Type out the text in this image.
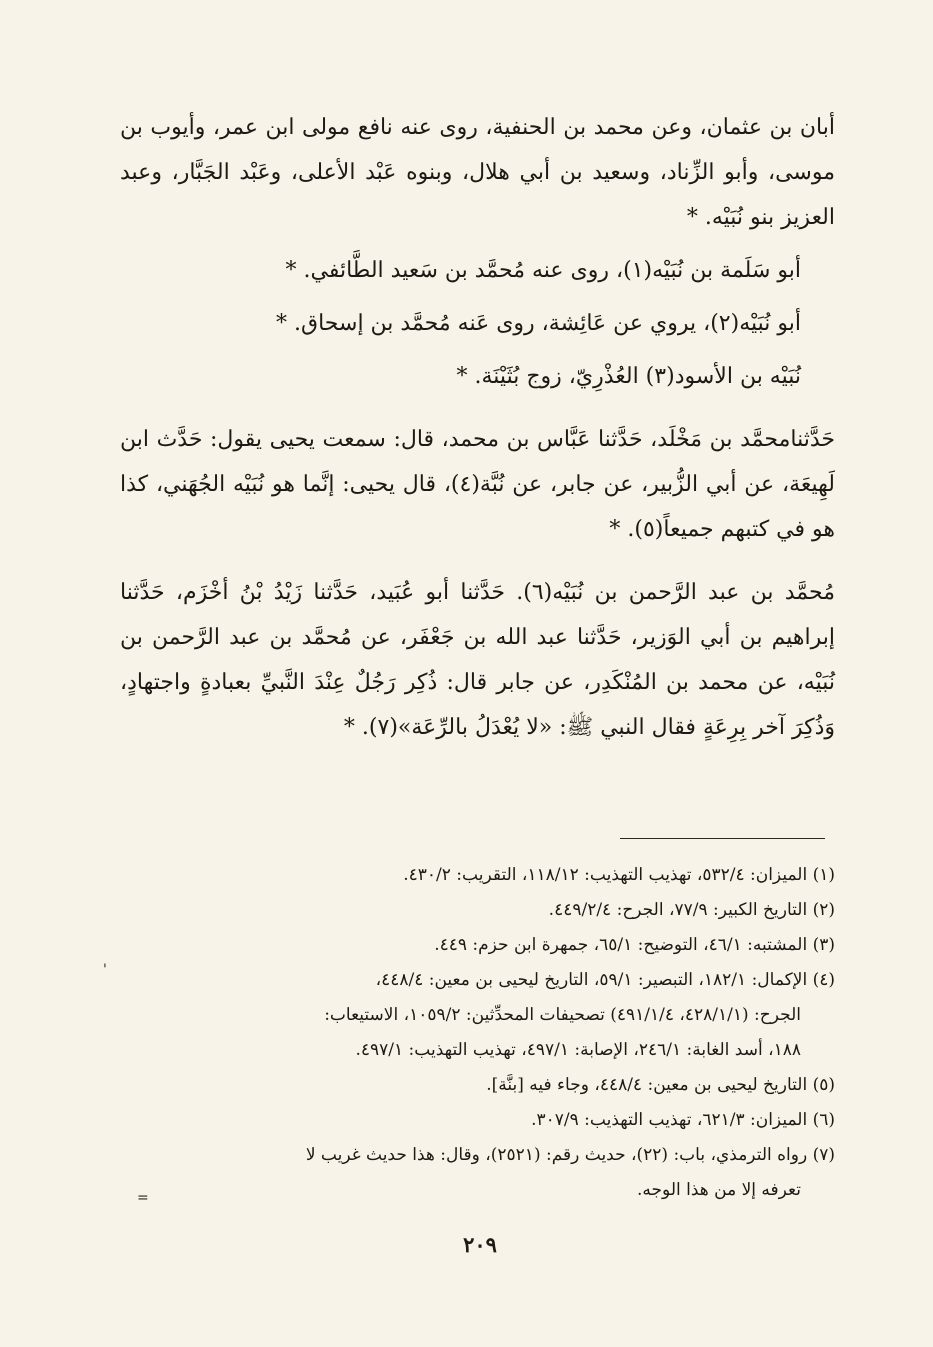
أبان بن عثمان، وعن محمد بن الحنفية، روى عنه نافع مولى ابن عمر، وأيوب بن موسى، وأبو الزِّناد، وسعيد بن أبي هلال، وبنوه عَبْد الأعلى، وعَبْد الجَبَّار، وعبد العزيز بنو نُبَيْه. *

أبو سَلَمة بن نُبَيْه(١)، روى عنه مُحمَّد بن سَعيد الطَّائفي. *

أبو نُبَيْه(٢)، يروي عن عَائِشة، روى عَنه مُحمَّد بن إسحاق. *

نُبَيْه بن الأسود(٣) العُذْرِيّ، زوج بُثَيْنَة. *

حَدَّثنامحمَّد بن مَخْلَد، حَدَّثنا عَبَّاس بن محمد، قال: سمعت يحيى يقول: حَدَّث ابن لَهِيعَة، عن أبي الزُّبير، عن جابر، عن نُبَّة(٤)، قال يحيى: إنَّما هو نُبَيْه الجُهَني، كذا هو في كتبهم جميعاً(٥). *

مُحمَّد بن عبد الرَّحمن بن نُبَيْه(٦). حَدَّثنا أبو عُبَيد، حَدَّثنا زَيْدُ بْنُ أخْزَم، حَدَّثنا إبراهيم بن أبي الوَزير، حَدَّثنا عبد الله بن جَعْفَر، عن مُحمَّد بن عبد الرَّحمن بن نُبَيْه، عن محمد بن المُنْكَدِر، عن جابر قال: ذُكِر رَجُلٌ عِنْدَ النَّبيِّ بعبادةٍ واجتهادٍ، وَذُكِرَ آخر بِرِعَةٍ فقال النبي ﷺ: «لا يُعْدَلُ بالرِّعَة»(٧). *

(١) الميزان: ٥٣٢/٤، تهذيب التهذيب: ١١٨/١٢، التقريب: ٤٣٠/٢.
(٢) التاريخ الكبير: ٧٧/٩، الجرح: ٤٤٩/٢/٤.
(٣) المشتبه: ٤٦/١، التوضيح: ٦٥/١، جمهرة ابن حزم: ٤٤٩.
(٤) الإكمال: ١٨٢/١، التبصير: ٥٩/١، التاريخ ليحيى بن معين: ٤٤٨/٤،
الجرح: (٤٢٨/١/١، ٤٩١/١/٤) تصحيفات المحدِّثين: ١٠٥٩/٢، الاستيعاب:
١٨٨، أسد الغابة: ٢٤٦/١، الإصابة: ٤٩٧/١، تهذيب التهذيب: ٤٩٧/١.
(٥) التاريخ ليحيى بن معين: ٤٤٨/٤، وجاء فيه [بنَّة].
(٦) الميزان: ٦٢١/٣، تهذيب التهذيب: ٣٠٧/٩.
(٧) رواه الترمذي، باب: (٢٢)، حديث رقم: (٢٥٢١)، وقال: هذا حديث غريب لا
تعرفه إلا من هذا الوجه.
٢٠٩
'
=
